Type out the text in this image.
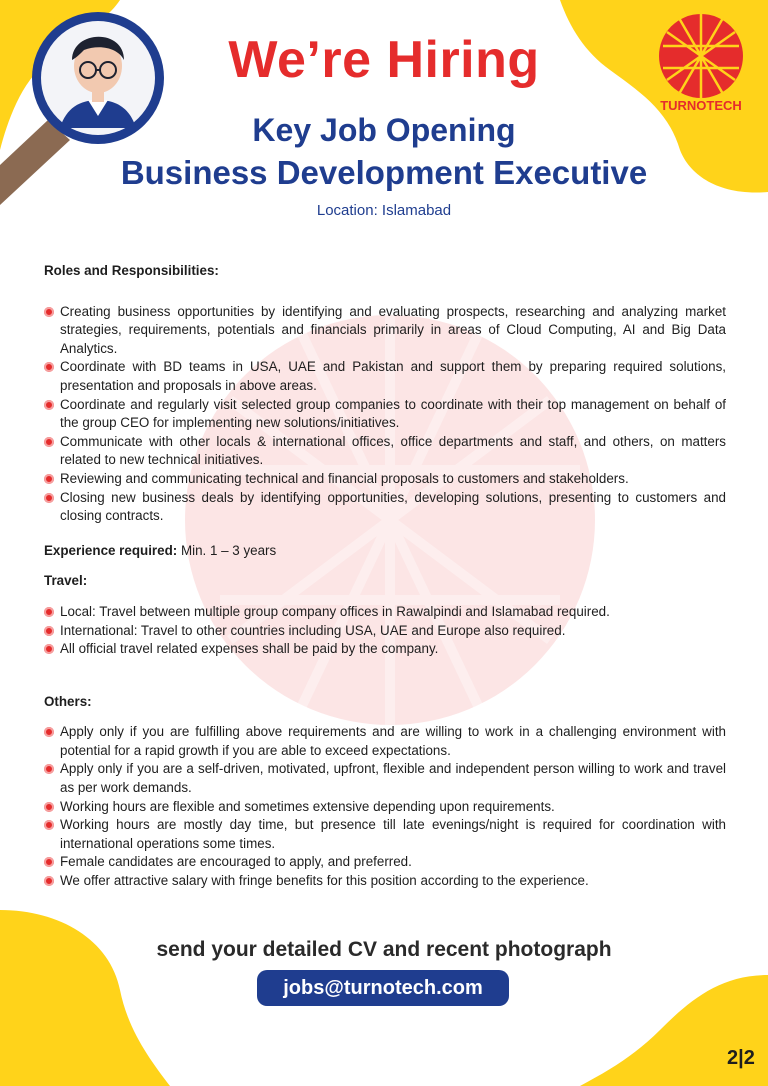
TURNOTECH
We’re Hiring
Key Job Opening
Business Development Executive
Location: Islamabad

Roles and Responsibilities:

Creating business opportunities by identifying and evaluating prospects, researching and analyzing market strategies, requirements, potentials and financials primarily in areas of Cloud Computing, AI and Big Data Analytics.
Coordinate with BD teams in USA, UAE and Pakistan and support them by preparing required solutions, presentation and proposals in above areas.
Coordinate and regularly visit selected group companies to coordinate with their top management on behalf of the group CEO for implementing new solutions/initiatives.
Communicate with other locals & international offices, office departments and staff, and others, on matters related to new technical initiatives.
Reviewing and communicating technical and financial proposals to customers and stakeholders.
Closing new business deals by identifying opportunities, developing solutions, presenting to customers and closing contracts.

Experience required: Min. 1 – 3 years

Travel:

Local: Travel between multiple group company offices in Rawalpindi and Islamabad required.
International: Travel to other countries including USA, UAE and Europe also required.
All official travel related expenses shall be paid by the company.

Others:

Apply only if you are fulfilling above requirements and are willing to work in a challenging environment with potential for a rapid growth if you are able to exceed expectations.
Apply only if you are a self-driven, motivated, upfront, flexible and independent person willing to work and travel as per work demands.
Working hours are flexible and sometimes extensive depending upon requirements.
Working hours are mostly day time, but presence till late evenings/night is required for coordination with international operations some times.
Female candidates are encouraged to apply, and preferred.
We offer attractive salary with fringe benefits for this position according to the experience.
send your detailed CV and recent photograph
jobs@turnotech.com
2|2
